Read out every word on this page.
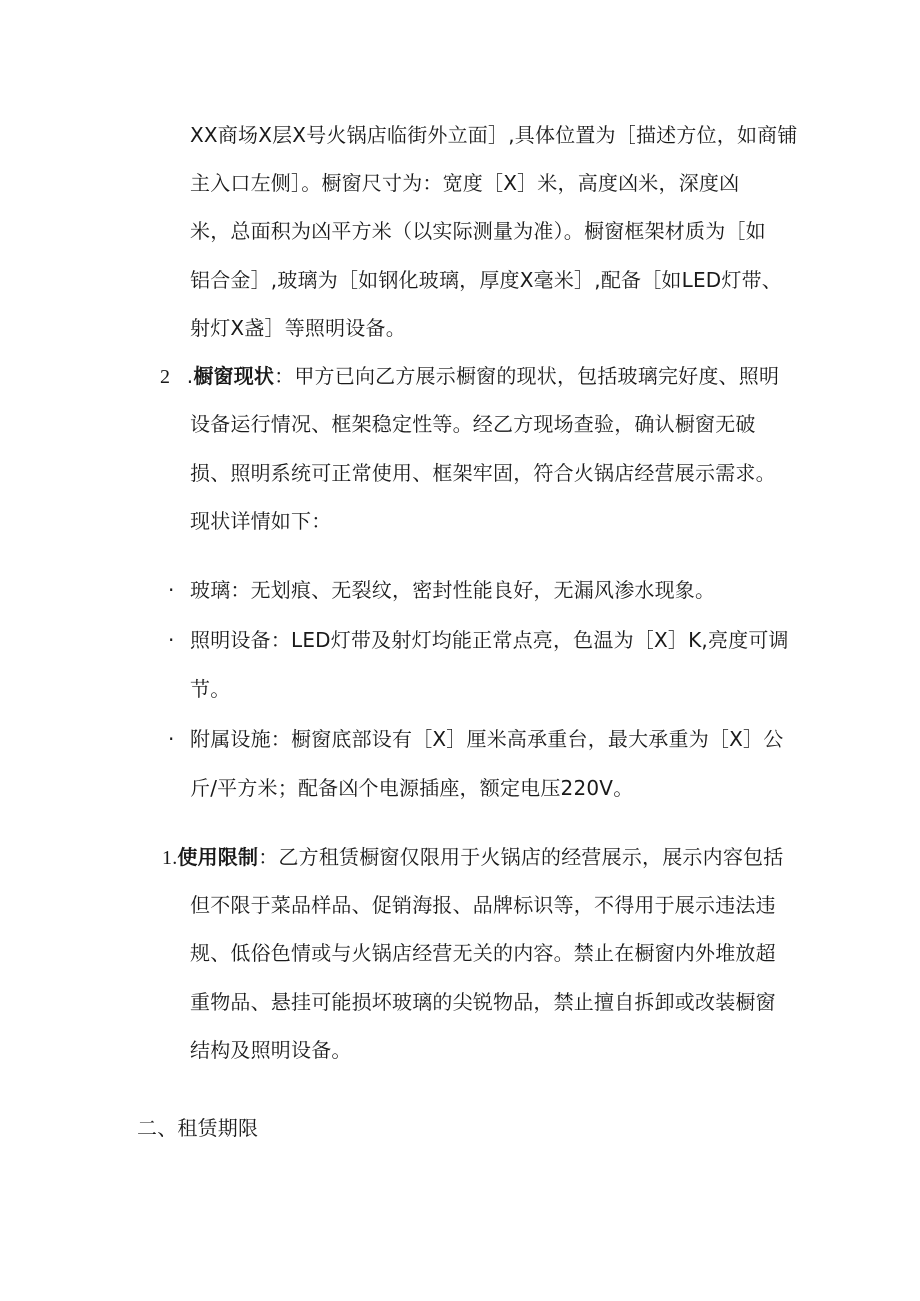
XX商场X层X号火锅店临街外立面］,具体位置为［描述方位，如商铺
主入口左侧］。橱窗尺寸为：宽度［X］米，高度凶米，深度凶
米，总面积为凶平方米（以实际测量为准）。橱窗框架材质为［如
铝合金］,玻璃为［如钢化玻璃，厚度X毫米］,配备［如LED灯带、
射灯X盏］等照明设备。
2 .橱窗现状：甲方已向乙方展示橱窗的现状，包括玻璃完好度、照明
设备运行情况、框架稳定性等。经乙方现场查验，确认橱窗无破
损、照明系统可正常使用、框架牢固，符合火锅店经营展示需求。
现状详情如下：
· 玻璃：无划痕、无裂纹，密封性能良好，无漏风渗水现象。
· 照明设备：LED灯带及射灯均能正常点亮，色温为［X］K,亮度可调
节。
· 附属设施：橱窗底部设有［X］厘米高承重台，最大承重为［X］公
斤/平方米；配备凶个电源插座，额定电压220V。
1.使用限制：乙方租赁橱窗仅限用于火锅店的经营展示，展示内容包括
但不限于菜品样品、促销海报、品牌标识等，不得用于展示违法违
规、低俗色情或与火锅店经营无关的内容。禁止在橱窗内外堆放超
重物品、悬挂可能损坏玻璃的尖锐物品，禁止擅自拆卸或改装橱窗
结构及照明设备。
二、租赁期限
